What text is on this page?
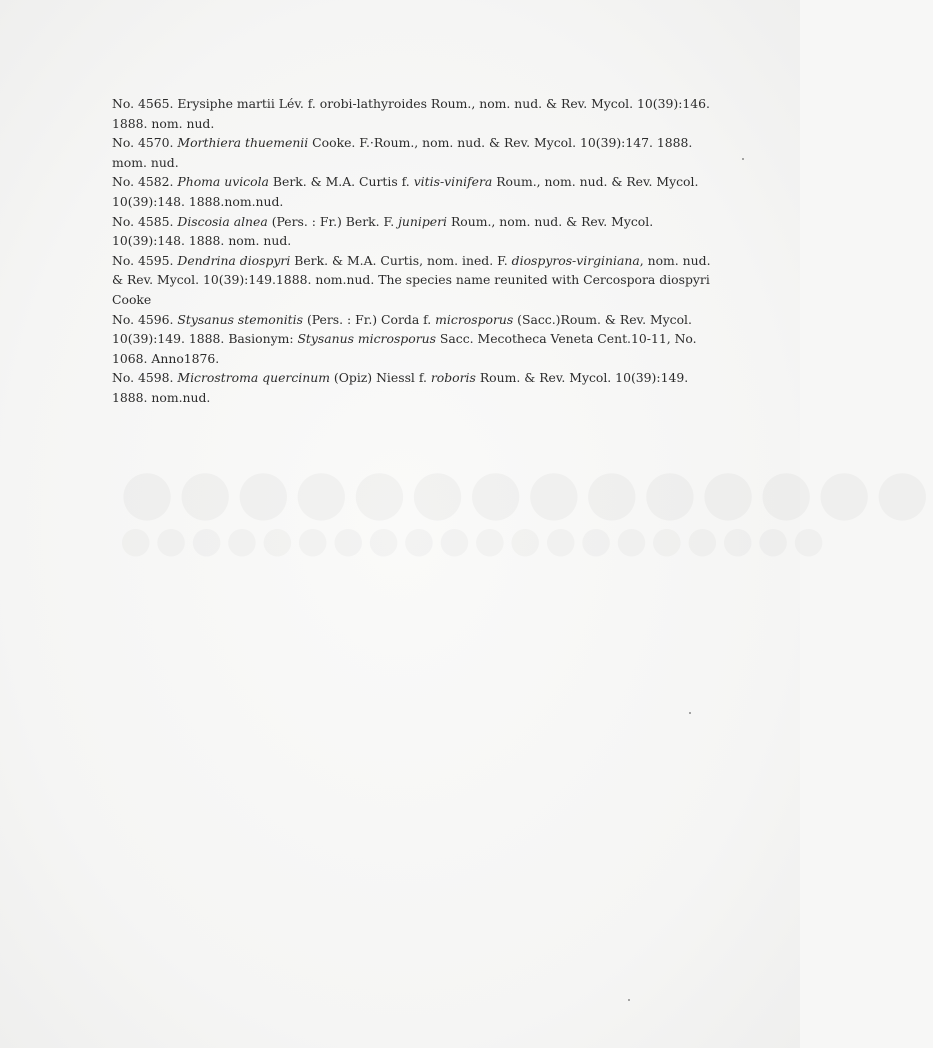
●●●●●●●●●●●●●●
●●●●●●●●●●●●●●●●●●●●

No. 4565. Erysiphe martii Lév. f. orobi-lathyroides Roum., nom. nud. & Rev. Mycol. 10(39):146. 1888. nom. nud.

No. 4570. Morthiera thuemenii Cooke. F.·Roum., nom. nud. & Rev. Mycol. 10(39):147. 1888. mom. nud.

No. 4582. Phoma uvicola Berk. & M.A. Curtis f. vitis-vinifera Roum., nom. nud. & Rev. Mycol. 10(39):148. 1888.nom.nud.

No. 4585. Discosia alnea (Pers. : Fr.) Berk. F. juniperi Roum., nom. nud. & Rev. Mycol. 10(39):148. 1888. nom. nud.

No. 4595. Dendrina diospyri Berk. & M.A. Curtis, nom. ined. F. diospyros-virginiana, nom. nud. & Rev. Mycol. 10(39):149.1888. nom.nud. The species name reunited with Cercospora diospyri Cooke

No. 4596. Stysanus stemonitis (Pers. : Fr.) Corda f. microsporus (Sacc.)Roum. & Rev. Mycol. 10(39):149. 1888. Basionym: Stysanus microsporus Sacc. Mecotheca Veneta Cent.10-11, No. 1068. Anno1876.

No. 4598. Microstroma quercinum (Opiz) Niessl f. roboris Roum. & Rev. Mycol. 10(39):149. 1888. nom.nud.
